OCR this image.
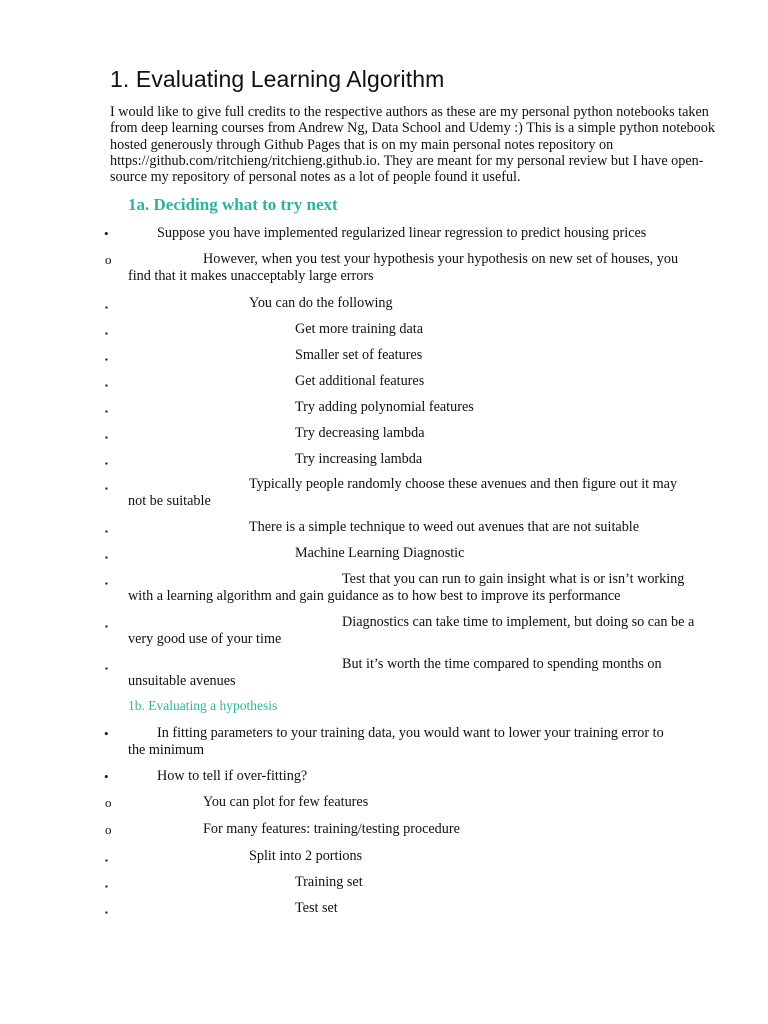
1. Evaluating Learning Algorithm

I would like to give full credits to the respective authors as these are my personal python notebooks taken from deep learning courses from Andrew Ng, Data School and Udemy :) This is a simple python notebook hosted generously through Github Pages that is on my main personal notes repository on https://github.com/ritchieng/ritchieng.github.io. They are meant for my personal review but I have open-source my repository of personal notes as a lot of people found it useful.

1a. Deciding what to try next
1b. Evaluating a hypothesis
•	Suppose you have implemented regularized linear regression to predict housing prices
o	However, when you test your hypothesis your hypothesis on new set of houses, you
find that it makes unacceptably large errors
▪	You can do the following
▪	Get more training data
▪	Smaller set of features
▪	Get additional features
▪	Try adding polynomial features
▪	Try decreasing lambda
▪	Try increasing lambda
▪	Typically people randomly choose these avenues and then figure out it may
not be suitable
▪	There is a simple technique to weed out avenues that are not suitable
▪	Machine Learning Diagnostic
▪	Test that you can run to gain insight what is or isn’t working
with a learning algorithm and gain guidance as to how best to improve its performance
▪	Diagnostics can take time to implement, but doing so can be a
very good use of your time
▪	But it’s worth the time compared to spending months on
unsuitable avenues
•	In fitting parameters to your training data, you would want to lower your training error to
the minimum
•	How to tell if over-fitting?
o	You can plot for few features
o	For many features: training/testing procedure
▪	Split into 2 portions
▪	Training set
▪	Test set
